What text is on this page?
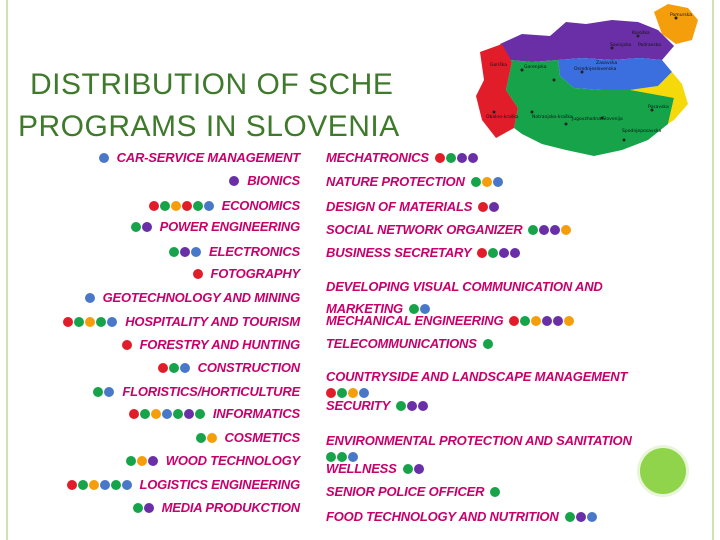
DISTRIBUTION OF SCHE
PROGRAMS IN SLOVENIA
Gorenjska
Koroška
Pomurska
Podravska
Savinjska
Osrednjeslovenska
Goriška
Obalno-kraška	Notranjsko-kraška Jugovzhodna Slovenija
Posavska
Zasavska
Spodnjeposavska
CAR-SERVICE MANAGEMENT
BIONICS
ECONOMICS
POWER ENGINEERING
ELECTRONICS
FOTOGRAPHY
GEOTECHNOLOGY AND MINING
HOSPITALITY AND TOURISM
FORESTRY AND HUNTING
CONSTRUCTION
FLORISTICS/HORTICULTURE
INFORMATICS
COSMETICS
WOOD TECHNOLOGY
LOGISTICS ENGINEERING
MEDIA PRODUKCTION
MECHATRONICS
NATURE PROTECTION
DESIGN OF MATERIALS
SOCIAL NETWORK ORGANIZER
BUSINESS SECRETARY
DEVELOPING VISUAL COMMUNICATION AND
MARKETING
MECHANICAL ENGINEERING
TELECOMMUNICATIONS
COUNTRYSIDE AND LANDSCAPE MANAGEMENT
SECURITY
ENVIRONMENTAL PROTECTION AND SANITATION
WELLNESS
SENIOR POLICE OFFICER
FOOD TECHNOLOGY AND NUTRITION
